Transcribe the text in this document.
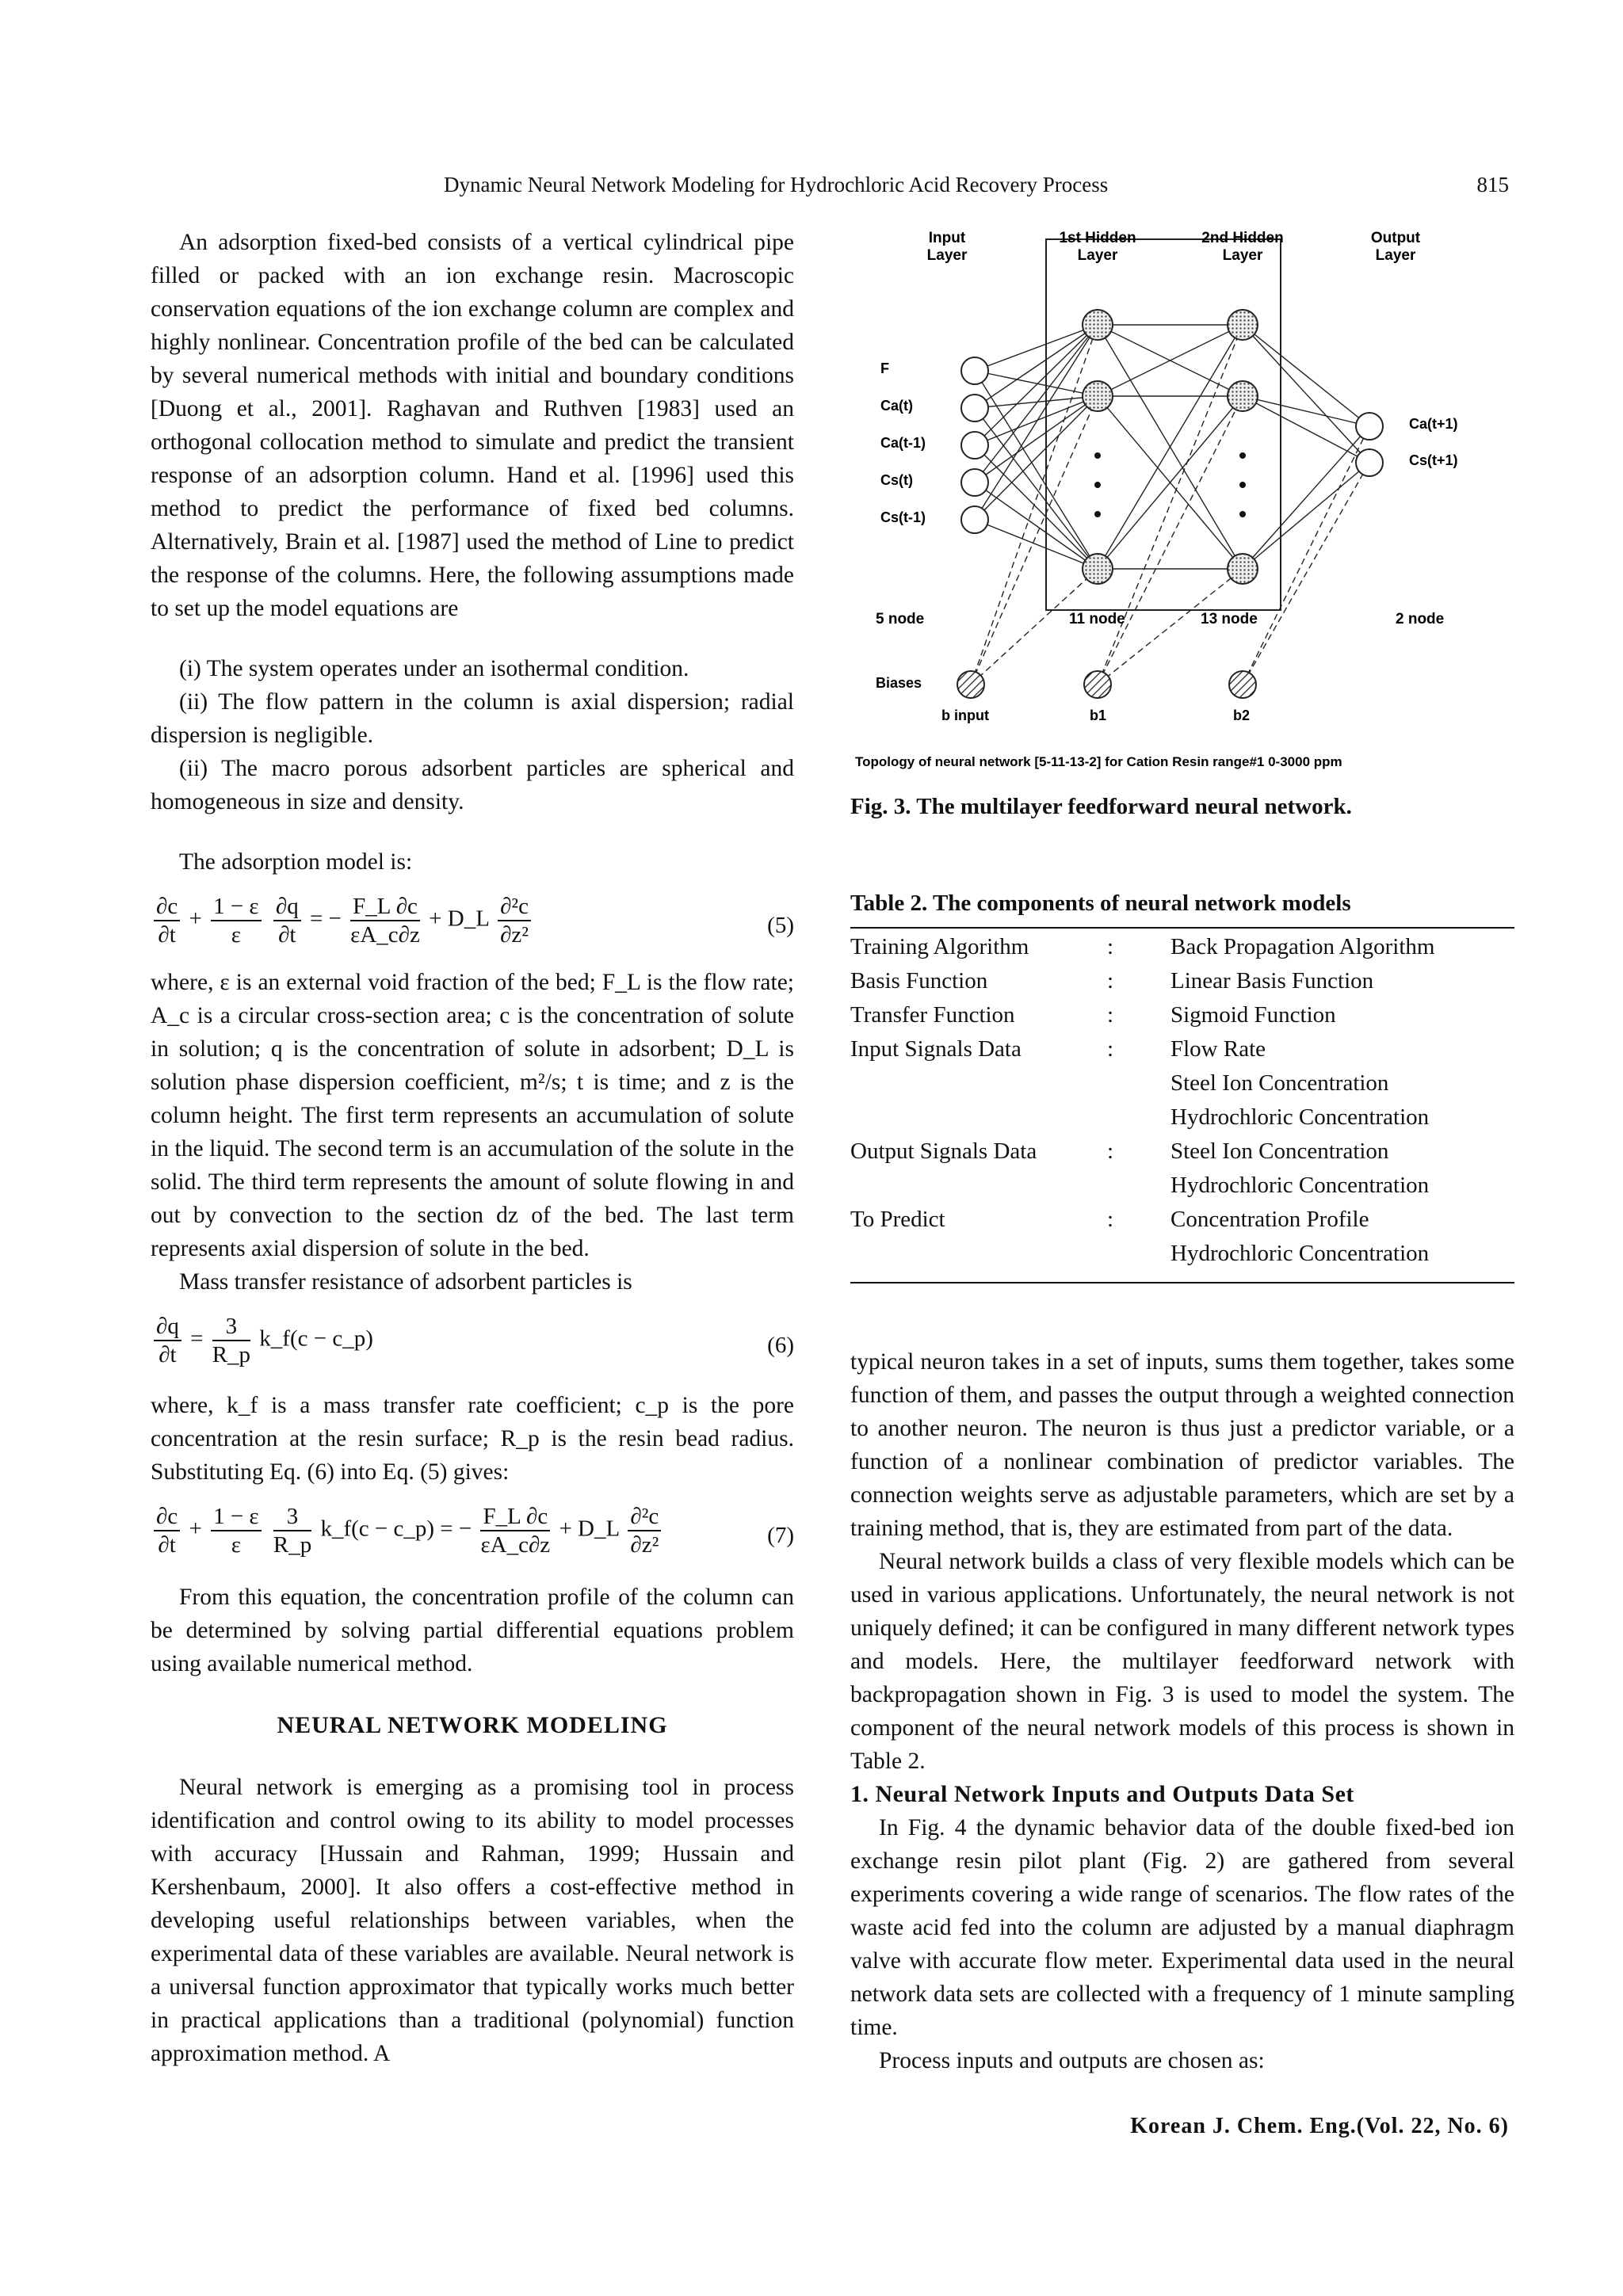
Dynamic Neural Network Modeling for Hydrochloric Acid Recovery Process	815

An adsorption fixed-bed consists of a vertical cylindrical pipe filled or packed with an ion exchange resin. Macroscopic conservation equations of the ion exchange column are complex and highly nonlinear. Concentration profile of the bed can be calculated by several numerical methods with initial and boundary conditions [Duong et al., 2001]. Raghavan and Ruthven [1983] used an orthogonal collocation method to simulate and predict the transient response of an adsorption column. Hand et al. [1996] used this method to predict the performance of fixed bed columns. Alternatively, Brain et al. [1987] used the method of Line to predict the response of the columns. Here, the following assumptions made to set up the model equations are

(i) The system operates under an isothermal condition.

(ii) The flow pattern in the column is axial dispersion; radial dispersion is negligible.

(ii) The macro porous adsorbent particles are spherical and homogeneous in size and density.

The adsorption model is:

$\frac{\partial c}{\partial t} + \frac{1 - \varepsilon}{\varepsilon}$
$\frac{\partial q}{\partial t}$ = − $\frac{F\_L \partial c}{\varepsilon A\_c\partial z}$ + D_L $\frac{\text{∂²c}}{\text{∂z²}}$	(5)

where, ε is an external void fraction of the bed; F_L is the flow rate; A_c is a circular cross-section area; c is the concentration of solute in solution; q is the concentration of solute in adsorbent; D_L is solution phase dispersion coefficient, m²/s; t is time; and z is the column height. The first term represents an accumulation of solute in the liquid. The second term is an accumulation of the solute in the solid. The third term represents the amount of solute flowing in and out by convection to the section dz of the bed. The last term represents axial dispersion of solute in the bed.

Mass transfer resistance of adsorbent particles is

$\frac{\partial q}{\partial t} = \frac{3}{R\_p}$ k_f(c − c_p)	(6)

where, k_f is a mass transfer rate coefficient; c_p is the pore concentration at the resin surface; R_p is the resin bead radius. Substituting Eq. (6) into Eq. (5) gives:

$\frac{\partial c}{\partial t} + \frac{1 - \varepsilon}{\varepsilon}$
$\frac{3}{R\_p}$ k_f(c − c_p) = − $\frac{F\_L \partial c}{\varepsilon A\_c\partial z}$ + D_L $\frac{\text{∂²c}}{\text{∂z²}}$	(7)

From this equation, the concentration profile of the column can be determined by solving partial differential equations problem using available numerical method.

NEURAL NETWORK MODELING

Neural network is emerging as a promising tool in process identification and control owing to its ability to model processes with accuracy [Hussain and Rahman, 1999; Hussain and Kershenbaum, 2000]. It also offers a cost-effective method in developing useful relationships between variables, when the experimental data of these variables are available. Neural network is a universal function approximator that typically works much better in practical applications than a traditional (polynomial) function approximation method. A

Input
Layer
1st Hidden
Layer
2nd Hidden
Layer
Output
Layer
F
Ca(t)
Ca(t-1)
Cs(t)
Cs(t-1)
Ca(t+1)
Cs(t+1)
5 node	11 node	13 node	2 node
Biases
b input	b1	b2
Topology of neural network [5-11-13-2] for Cation Resin range#1 0-3000 ppm
Fig. 3. The multilayer feedforward neural network.
Table 2. The components of neural network models
Training Algorithm	:	Back Propagation Algorithm
Basis Function	:	Linear Basis Function
Transfer Function	:	Sigmoid Function
Input Signals Data	:	Flow Rate
		Steel Ion Concentration
		Hydrochloric Concentration
Output Signals Data	:	Steel Ion Concentration
		Hydrochloric Concentration
To Predict	:	Concentration Profile
		Hydrochloric Concentration

typical neuron takes in a set of inputs, sums them together, takes some function of them, and passes the output through a weighted connection to another neuron. The neuron is thus just a predictor variable, or a function of a nonlinear combination of predictor variables. The connection weights serve as adjustable parameters, which are set by a training method, that is, they are estimated from part of the data.

Neural network builds a class of very flexible models which can be used in various applications. Unfortunately, the neural network is not uniquely defined; it can be configured in many different network types and models. Here, the multilayer feedforward network with backpropagation shown in Fig. 3 is used to model the system. The component of the neural network models of this process is shown in Table 2.

1. Neural Network Inputs and Outputs Data Set

In Fig. 4 the dynamic behavior data of the double fixed-bed ion exchange resin pilot plant (Fig. 2) are gathered from several experiments covering a wide range of scenarios. The flow rates of the waste acid fed into the column are adjusted by a manual diaphragm valve with accurate flow meter. Experimental data used in the neural network data sets are collected with a frequency of 1 minute sampling time.

Process inputs and outputs are chosen as:

Korean J. Chem. Eng.(Vol. 22, No. 6)
